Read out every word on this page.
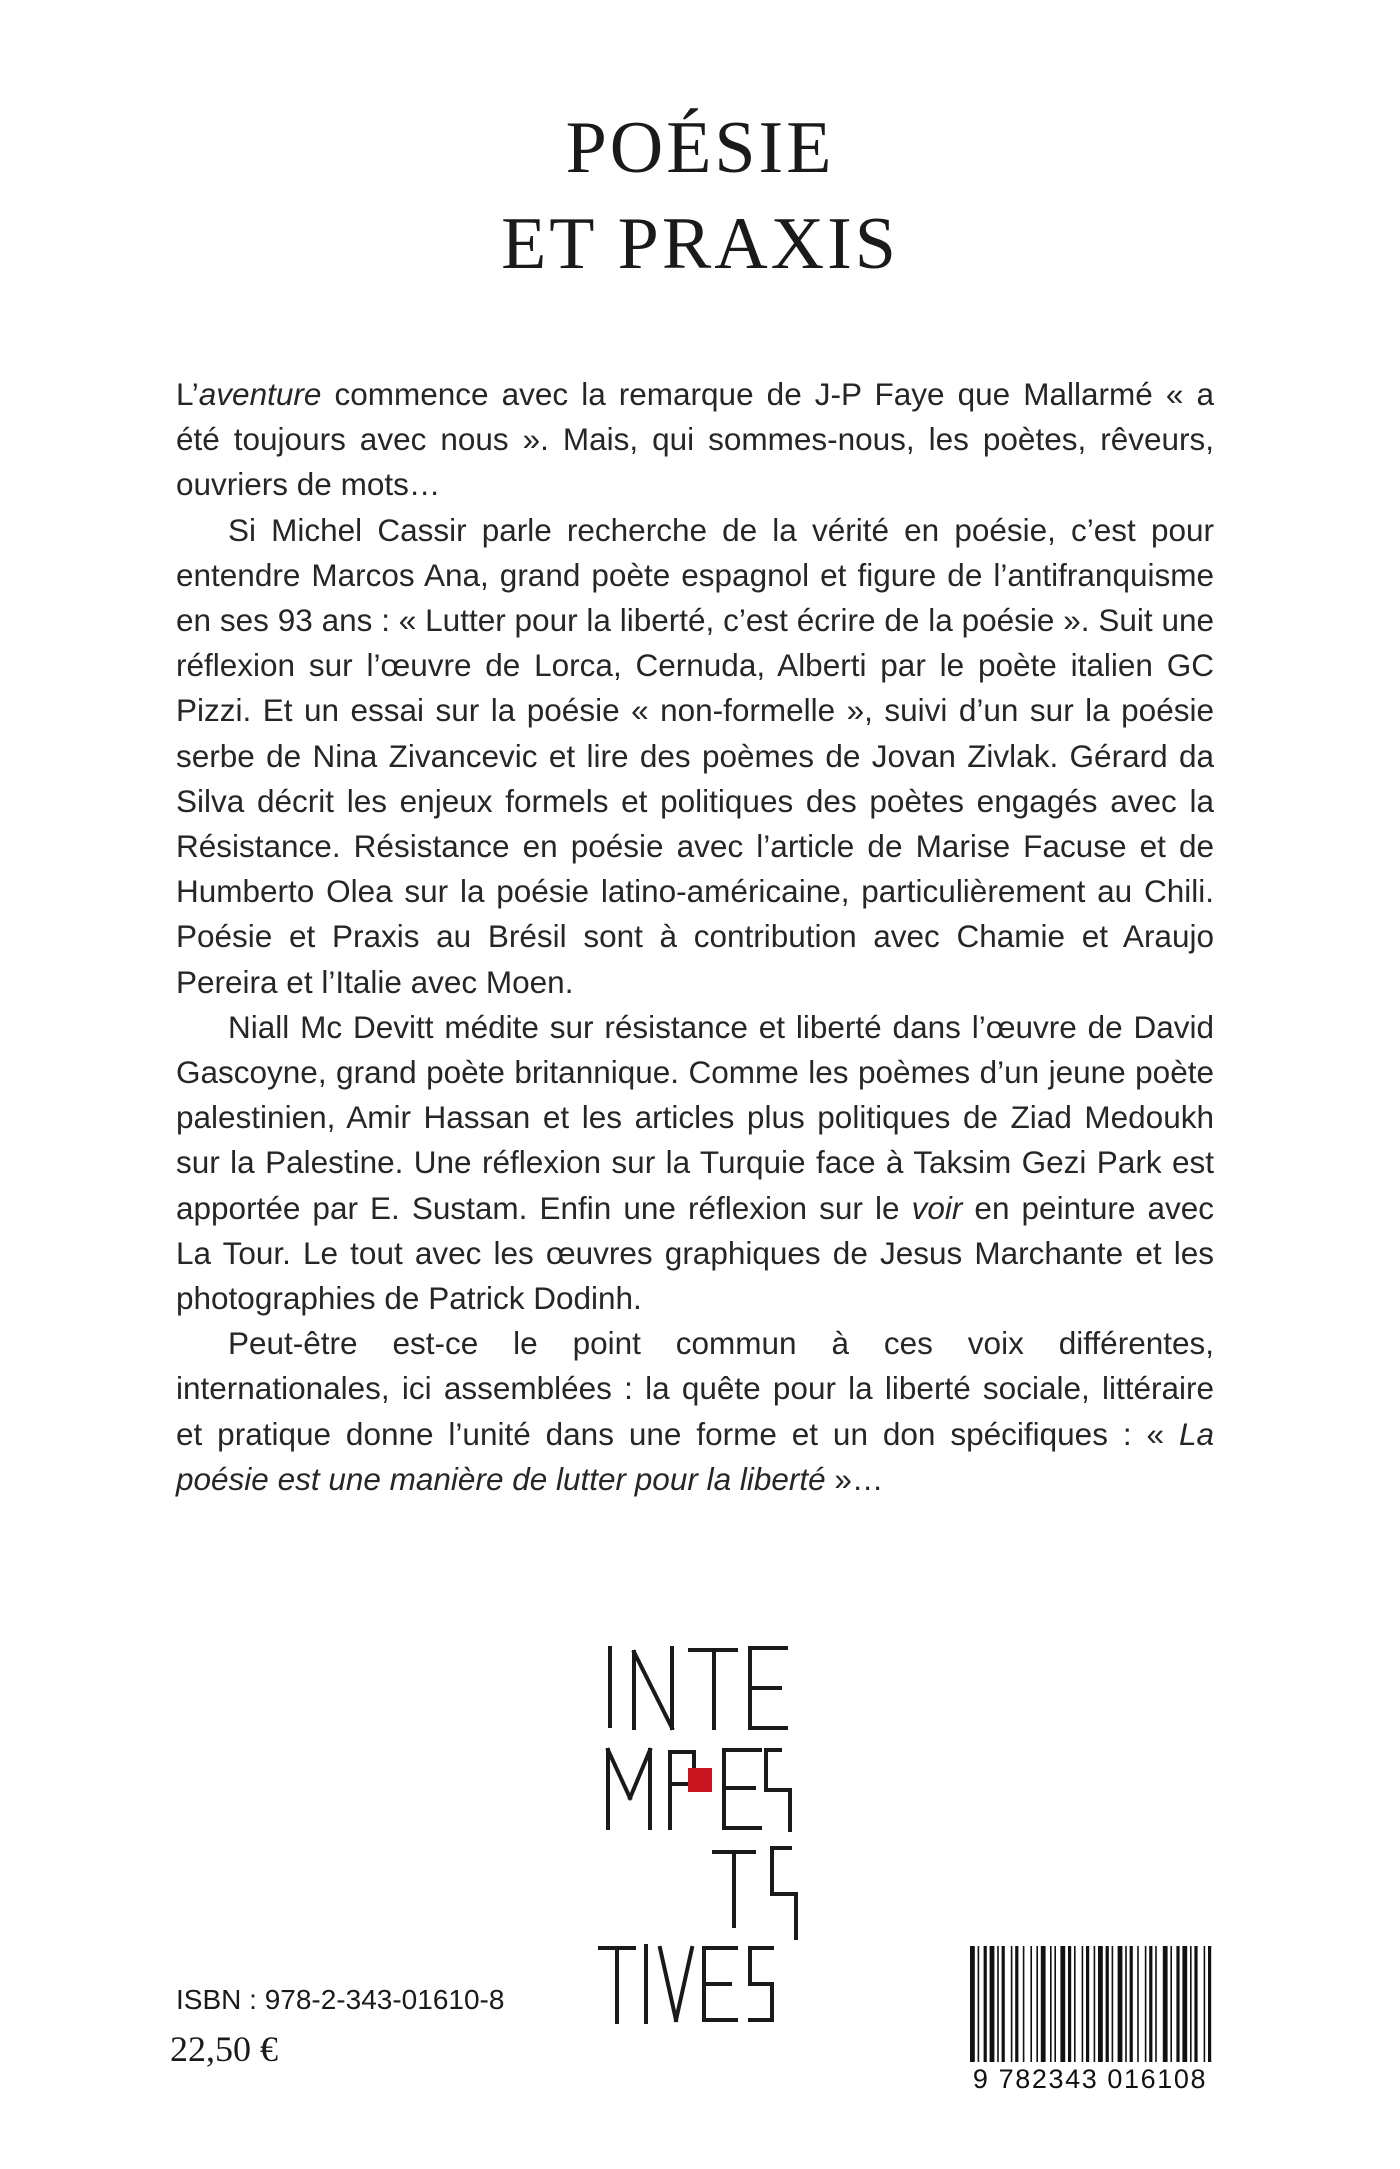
POÉSIE
ET PRAXIS

L’aventure commence avec la remarque de J-P Faye que Mallarmé « a été toujours avec nous ». Mais, qui sommes-nous, les poètes, rêveurs, ouvriers de mots…

Si Michel Cassir parle recherche de la vérité en poésie, c’est pour entendre Marcos Ana, grand poète espagnol et figure de l’antifranquisme en ses 93 ans : « Lutter pour la liberté, c’est écrire de la poésie ». Suit une réflexion sur l’œuvre de Lorca, Cernuda, Alberti par le poète italien GC Pizzi. Et un essai sur la poésie « non-formelle », suivi d’un sur la poésie serbe de Nina Zivancevic et lire des poèmes de Jovan Zivlak. Gérard da Silva décrit les enjeux formels et politiques des poètes engagés avec la Résistance. Résistance en poésie avec l’article de Marise Facuse et de Humberto Olea sur la poésie latino-américaine, particulièrement au Chili. Poésie et Praxis au Brésil sont à contribution avec Chamie et Araujo Pereira et l’Italie avec Moen.

Niall Mc Devitt médite sur résistance et liberté dans l’œuvre de David Gascoyne, grand poète britannique. Comme les poèmes d’un jeune poète palestinien, Amir Hassan et les articles plus politiques de Ziad Medoukh sur la Palestine. Une réflexion sur la Turquie face à Taksim Gezi Park est apportée par E. Sustam. Enfin une réflexion sur le voir en peinture avec La Tour. Le tout avec les œuvres graphiques de Jesus Marchante et les photographies de Patrick Dodinh.

Peut-être est-ce le point commun à ces voix différentes, internationales, ici assemblées : la quête pour la liberté sociale, littéraire et pratique donne l’unité dans une forme et un don spécifiques : « La poésie est une manière de lutter pour la liberté »…

ISBN : 978-2-343-01610-8
22,50 €
9 782343 016108
